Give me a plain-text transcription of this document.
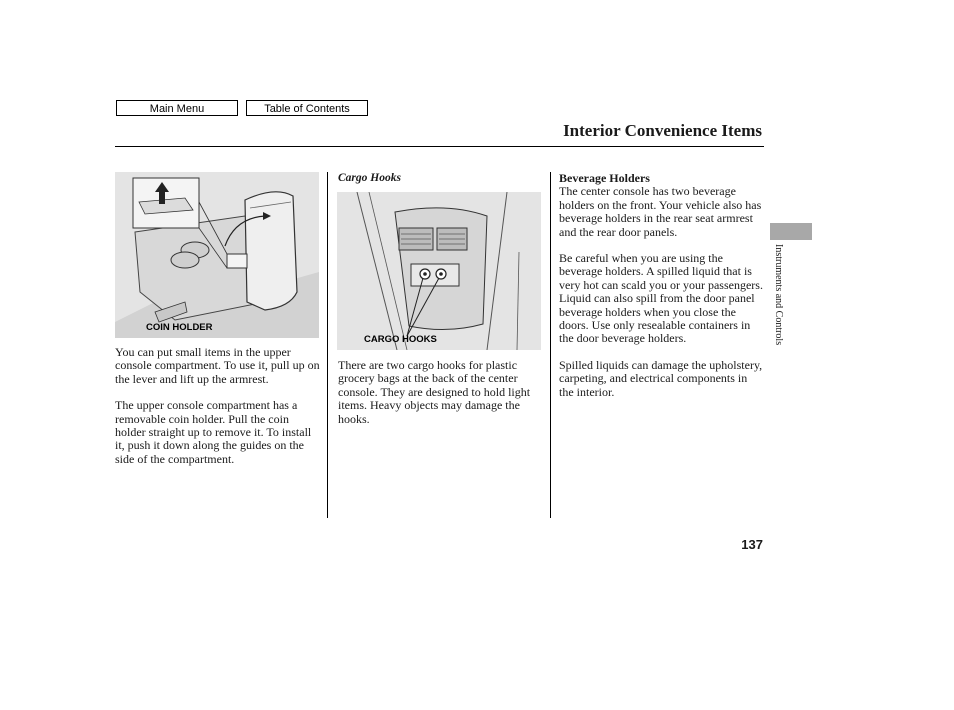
Main Menu	Table of Contents
Interior Convenience Items
COIN HOLDER

You can put small items in the upper console compartment. To use it, pull up on the lever and lift up the armrest.

The upper console compartment has a removable coin holder. Pull the coin holder straight up to remove it. To install it, push it down along the guides on the side of the compartment.

Cargo Hooks
CARGO HOOKS

There are two cargo hooks for plastic grocery bags at the back of the center console. They are designed to hold light items. Heavy objects may damage the hooks.

Beverage Holders

The center console has two beverage holders on the front. Your vehicle also has beverage holders in the rear seat armrest and the rear door panels.

Be careful when you are using the beverage holders. A spilled liquid that is very hot can scald you or your passengers. Liquid can also spill from the door panel beverage holders when you close the doors. Use only resealable containers in the door beverage holders.

Spilled liquids can damage the upholstery, carpeting, and electrical components in the interior.

Instruments and Controls
137
